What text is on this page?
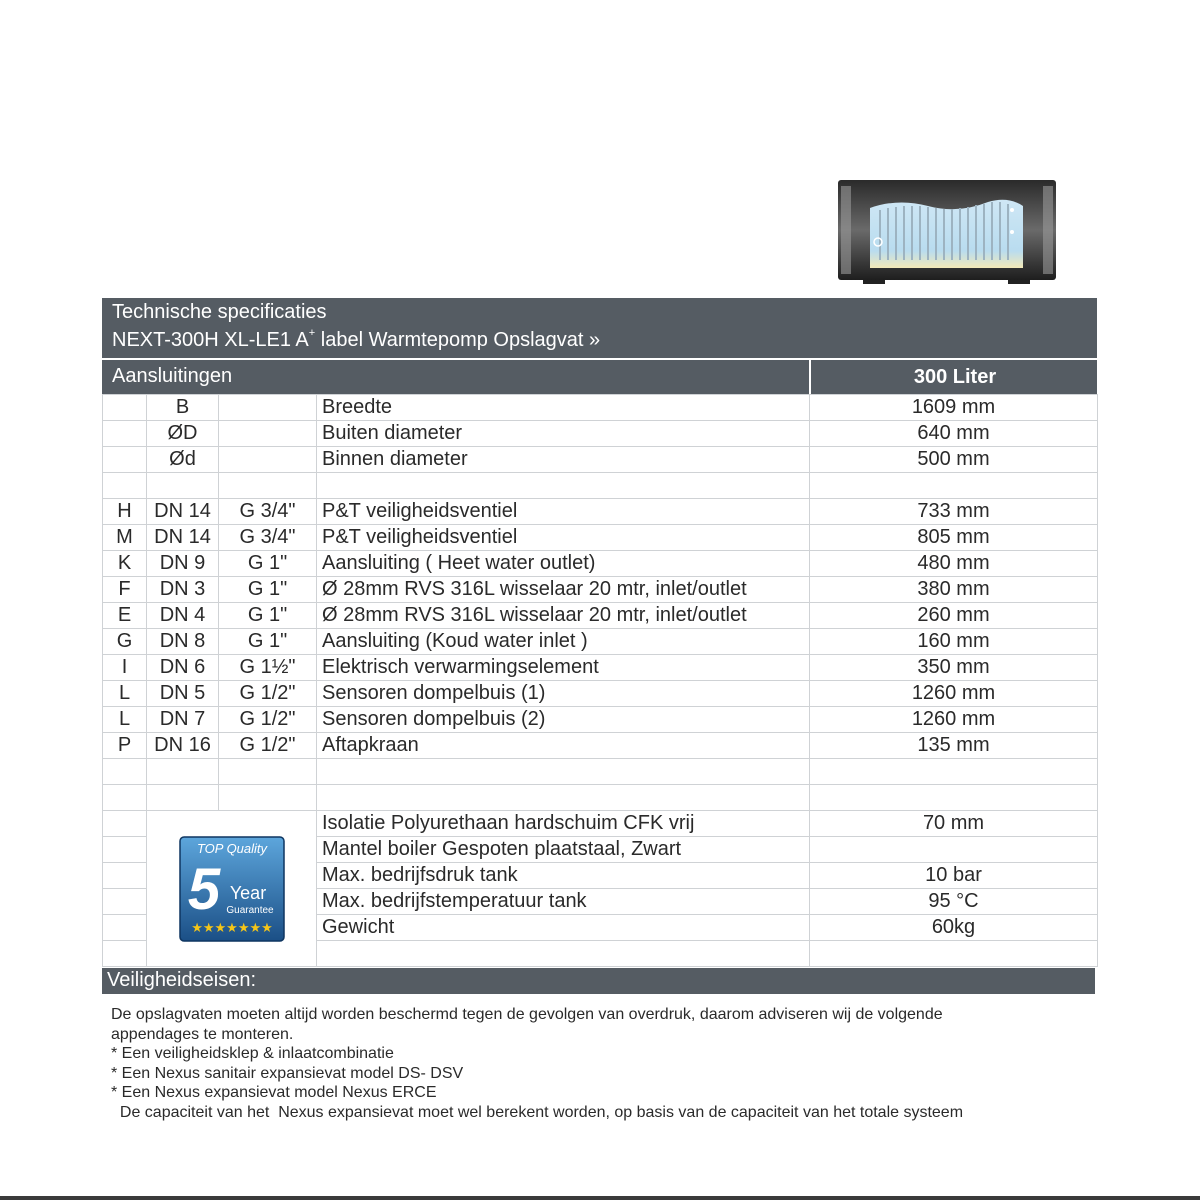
Technische specificaties
NEXT-300H XL-LE1 A+ label Warmtepomp Opslagvat »
Aansluitingen	300 Liter
	B		Breedte	1609 mm
	ØD		Buiten diameter	640 mm
	Ød		Binnen diameter	500 mm

H	DN 14	G 3/4"	P&T veiligheidsventiel	733 mm
M	DN 14	G 3/4"	P&T veiligheidsventiel	805 mm
K	DN 9	G 1"	Aansluiting ( Heet water outlet)	480 mm
F	DN 3	G 1"	Ø 28mm RVS 316L wisselaar 20 mtr, inlet/outlet	380 mm
E	DN 4	G 1"	Ø 28mm RVS 316L wisselaar 20 mtr, inlet/outlet	260 mm
G	DN 8	G 1"	Aansluiting (Koud water inlet )	160 mm
I	DN 6	G 1½"	Elektrisch verwarmingselement	350 mm
L	DN 5	G 1/2"	Sensoren dompelbuis (1)	1260 mm
L	DN 7	G 1/2"	Sensoren dompelbuis (2)	1260 mm
P	DN 16	G 1/2"	Aftapkraan	135 mm

TOP Quality
5 Year
Guarantee
★★★★★★★		Isolatie Polyurethaan hardschuim CFK vrij	70 mm
			Mantel boiler Gespoten plaatstaal, Zwart	
			Max. bedrijfsdruk tank	10 bar
			Max. bedrijfstemperatuur tank	95 °C
			Gewicht	60kg

Veiligheidseisen:

De opslagvaten moeten altijd worden beschermd tegen de gevolgen van overdruk, daarom adviseren wij de volgende

appendages te monteren.

* Een veiligheidsklep & inlaatcombinatie

* Een Nexus sanitair expansievat model DS- DSV

* Een Nexus expansievat model Nexus ERCE

De capaciteit van het  Nexus expansievat moet wel berekent worden, op basis van de capaciteit van het totale systeem
